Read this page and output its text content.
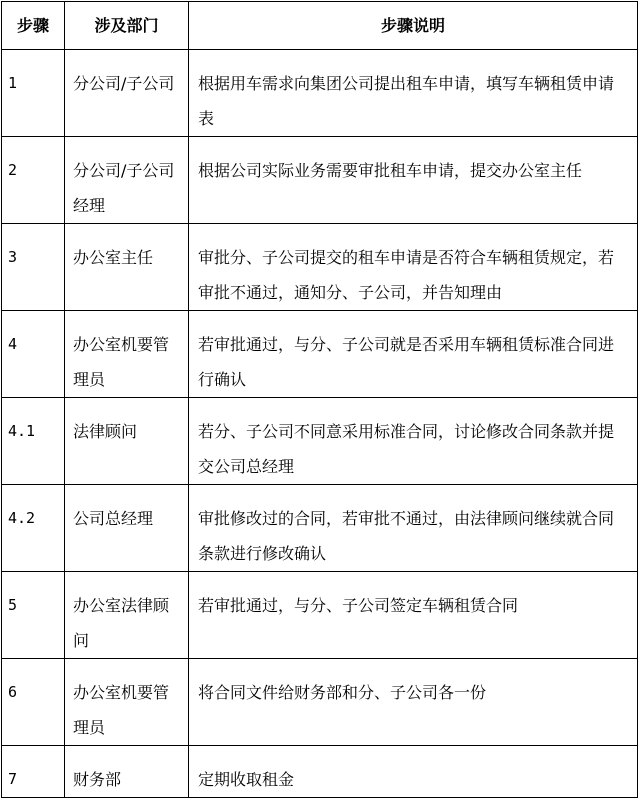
步骤	涉及部门	步骤说明
1	分公司/子公司	根据用车需求向集团公司提出租车申请，填写车辆租赁申请表
2	分公司/子公司经理	根据公司实际业务需要审批租车申请，提交办公室主任
3	办公室主任	审批分、子公司提交的租车申请是否符合车辆租赁规定，若审批不通过，通知分、子公司，并告知理由
4	办公室机要管理员	若审批通过，与分、子公司就是否采用车辆租赁标准合同进行确认
4.1	法律顾问	若分、子公司不同意采用标准合同，讨论修改合同条款并提交公司总经理
4.2	公司总经理	审批修改过的合同，若审批不通过，由法律顾问继续就合同条款进行修改确认
5	办公室法律顾问	若审批通过，与分、子公司签定车辆租赁合同
6	办公室机要管理员	将合同文件给财务部和分、子公司各一份
7	财务部	定期收取租金
